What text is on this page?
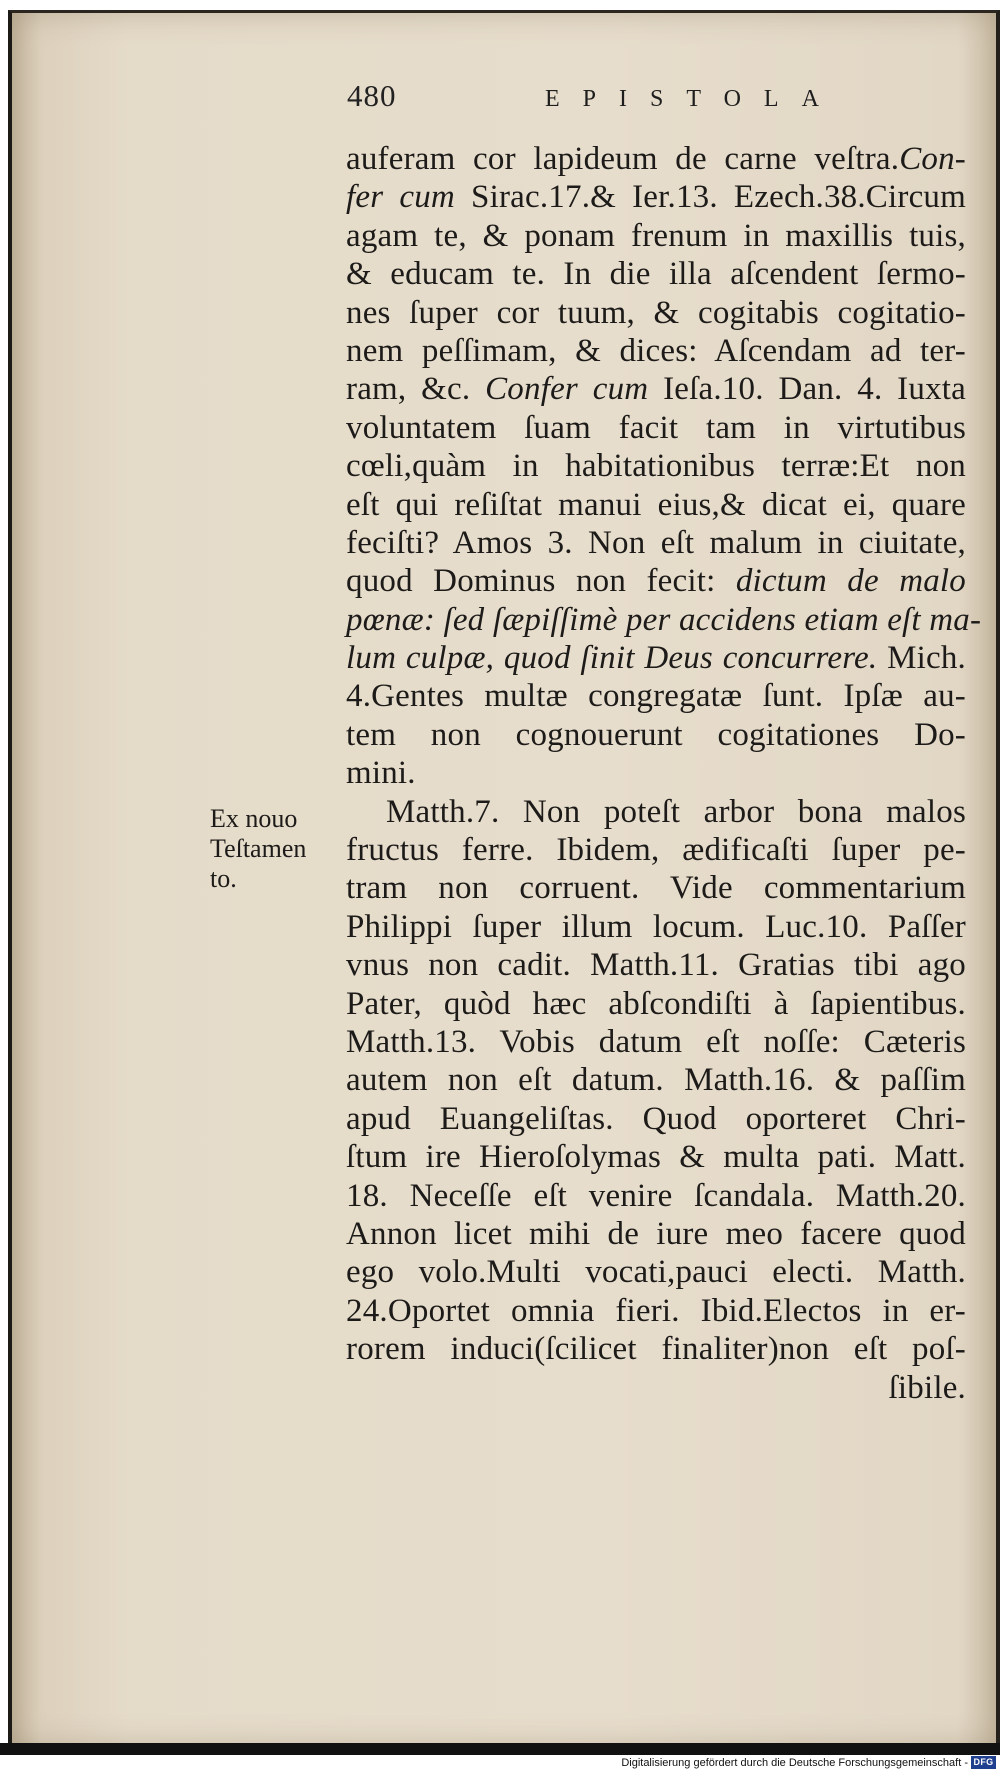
480	EPISTOLA
auferam cor lapideum de carne veſtra.Con-
fer cum Sirac.17.& Ier.13. Ezech.38.Circum
agam te, & ponam frenum in maxillis tuis,
& educam te. In die illa aſcendent ſermo-
nes ſuper cor tuum, & cogitabis cogitatio-
nem peſſimam, & dices: Aſcendam ad ter-
ram, &c. Confer cum Ieſa.10. Dan. 4. Iuxta
voluntatem ſuam facit tam in virtutibus
cœli,quàm in habitationibus terræ:Et non
eſt qui reſiſtat manui eius,& dicat ei, quare
feciſti? Amos 3. Non eſt malum in ciuitate,
quod Dominus non fecit: dictum de malo
pœnæ: ſed ſæpiſſimè per accidens etiam eſt ma-
lum culpæ, quod ſinit Deus concurrere. Mich.
4.Gentes multæ congregatæ ſunt. Ipſæ au-
tem non cognouerunt cogitationes Do-
mini.
Matth.7. Non poteſt arbor bona malos
fructus ferre. Ibidem, ædificaſti ſuper pe-
tram non corruent. Vide commentarium
Philippi ſuper illum locum. Luc.10. Paſſer
vnus non cadit. Matth.11. Gratias tibi ago
Pater, quòd hæc abſcondiſti à ſapientibus.
Matth.13. Vobis datum eſt noſſe: Cæteris
autem non eſt datum. Matth.16. & paſſim
apud Euangeliſtas. Quod oporteret Chri-
ſtum ire Hieroſolymas & multa pati. Matt.
18. Neceſſe eſt venire ſcandala. Matth.20.
Annon licet mihi de iure meo facere quod
ego volo.Multi vocati,pauci electi. Matth.
24.Oportet omnia fieri. Ibid.Electos in er-
rorem induci(ſcilicet finaliter)non eſt poſ-
ſibile.
Ex nouo
Teſtamen
to.
Digitalisierung gefördert durch die Deutsche Forschungsgemeinschaft - DFG
